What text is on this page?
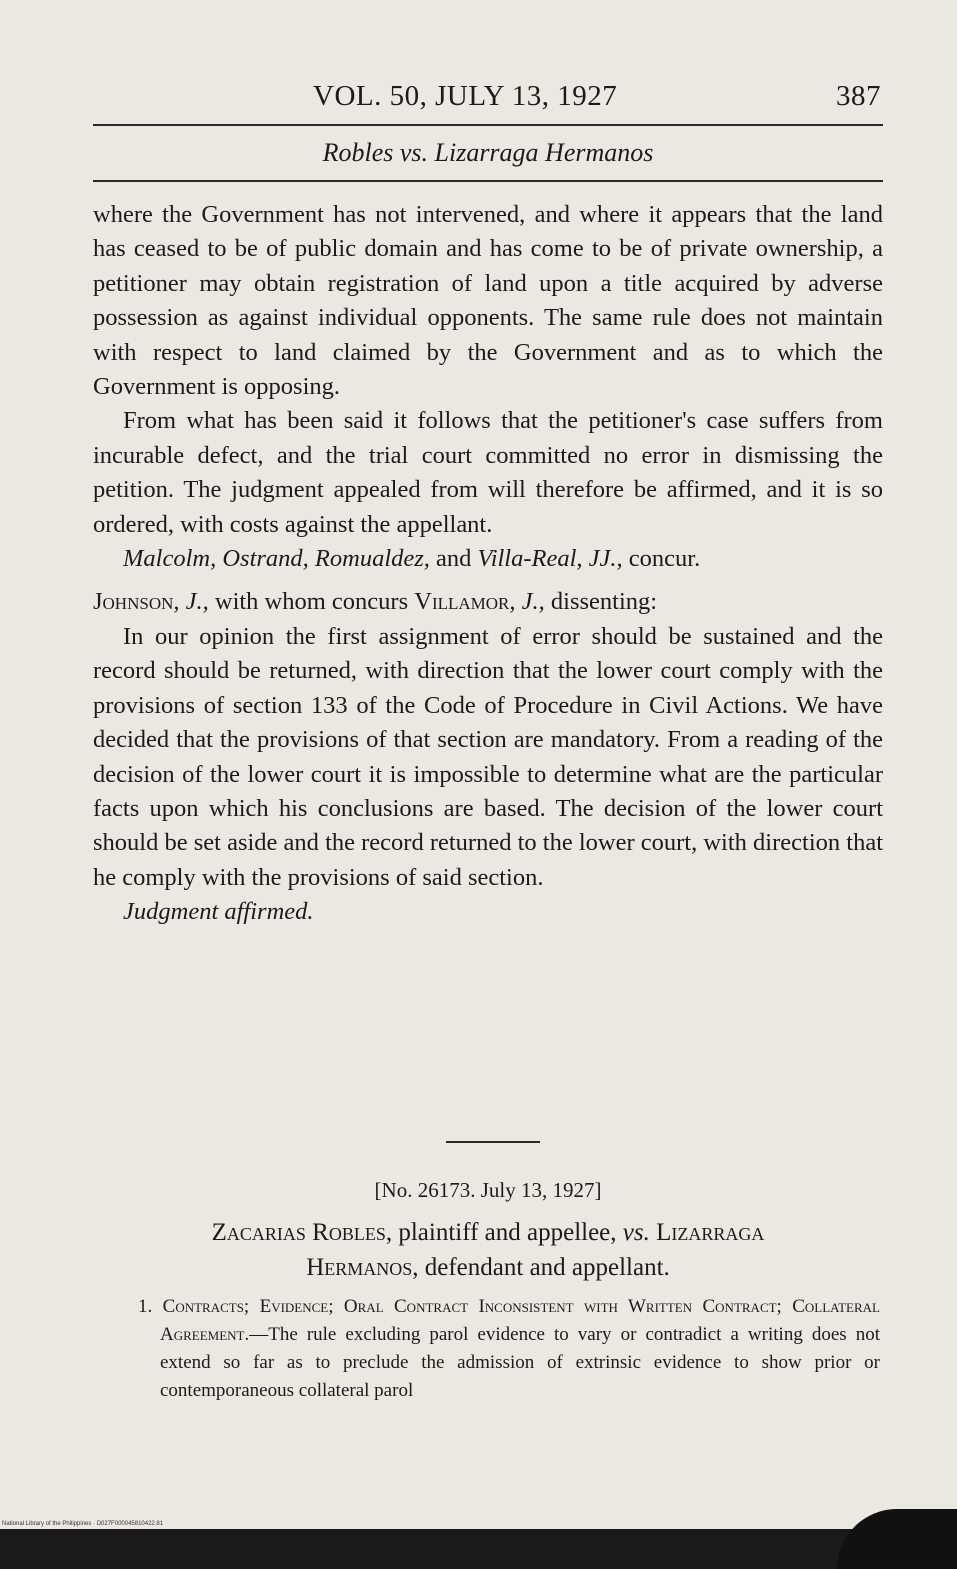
VOL. 50, JULY 13, 1927	387
Robles vs. Lizarraga Hermanos

where the Government has not intervened, and where it appears that the land has ceased to be of public domain and has come to be of private ownership, a petitioner may obtain registration of land upon a title acquired by adverse possession as against individual opponents. The same rule does not maintain with respect to land claimed by the Government and as to which the Government is opposing.

From what has been said it follows that the petitioner's case suffers from incurable defect, and the trial court committed no error in dismissing the petition. The judgment appealed from will therefore be affirmed, and it is so ordered, with costs against the appellant.

Malcolm, Ostrand, Romualdez, and Villa-Real, JJ., concur.

Johnson, J., with whom concurs Villamor, J., dissenting:

In our opinion the first assignment of error should be sustained and the record should be returned, with direction that the lower court comply with the provisions of section 133 of the Code of Procedure in Civil Actions. We have decided that the provisions of that section are mandatory. From a reading of the decision of the lower court it is impossible to determine what are the particular facts upon which his conclusions are based. The decision of the lower court should be set aside and the record returned to the lower court, with direction that he comply with the provisions of said section.

Judgment affirmed.

[No. 26173. July 13, 1927]
Zacarias Robles, plaintiff and appellee, vs. Lizarraga
Hermanos, defendant and appellant.

1. Contracts; Evidence; Oral Contract Inconsistent with Written Contract; Collateral Agreement.—The rule excluding parol evidence to vary or contradict a writing does not extend so far as to preclude the admission of extrinsic evidence to show prior or contemporaneous collateral parol

National Library of the Philippines · D027F000045810422.81
